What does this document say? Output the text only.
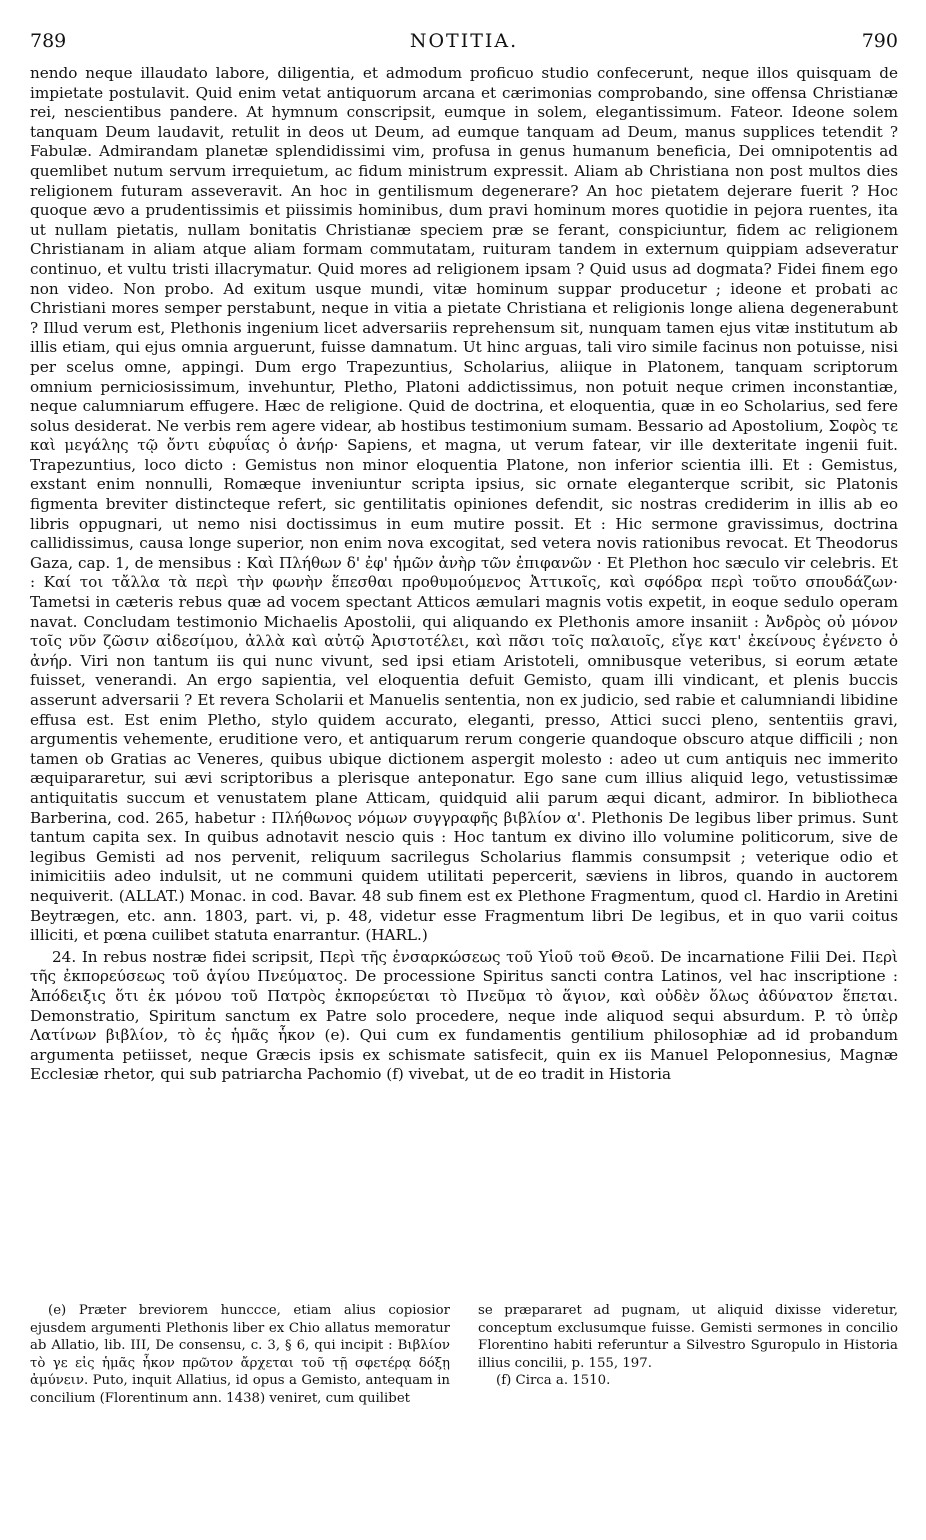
789	NOTITIA.	790

nendo neque illaudato labore, diligentia, et admodum proficuo studio confecerunt, neque illos quisquam de impietate postulavit. Quid enim vetat antiquorum arcana et cærimonias comprobando, sine offensa Christianæ rei, nescientibus pandere. At hymnum conscripsit, eumque in solem, elegantissimum. Fateor. Ideone solem tanquam Deum laudavit, retulit in deos ut Deum, ad eumque tanquam ad Deum, manus supplices tetendit ? Fabulæ. Admirandam planetæ splendidissimi vim, profusa in genus humanum beneficia, Dei omnipotentis ad quemlibet nutum servum irrequietum, ac fidum ministrum expressit. Aliam ab Christiana non post multos dies religionem futuram asseveravit. An hoc in gentilismum degenerare? An hoc pietatem dejerare fuerit ? Hoc quoque ævo a prudentissimis et piissimis hominibus, dum pravi hominum mores quotidie in pejora ruentes, ita ut nullam pietatis, nullam bonitatis Christianæ speciem præ se ferant, conspiciuntur, fidem ac religionem Christianam in aliam atque aliam formam commutatam, ruituram tandem in externum quippiam adseveratur continuo, et vultu tristi illacrymatur. Quid mores ad religionem ipsam ? Quid usus ad dogmata? Fidei finem ego non video. Non probo. Ad exitum usque mundi, vitæ hominum suppar producetur ; ideone et probati ac Christiani mores semper perstabunt, neque in vitia a pietate Christiana et religionis longe aliena degenerabunt ? Illud verum est, Plethonis ingenium licet adversariis reprehensum sit, nunquam tamen ejus vitæ institutum ab illis etiam, qui ejus omnia arguerunt, fuisse damnatum. Ut hinc arguas, tali viro similе facinus non potuisse, nisi per scelus omne, appingi. Dum ergo Trapezuntius, Scholarius, aliique in Platonem, tanquam scriptorum omnium perniciosissimum, invehuntur, Pletho, Platoni addictissimus, non potuit neque crimen inconstantiæ, neque calumniarum effugere. Hæc de religione. Quid de doctrina, et eloquentia, quæ in eo Scholarius, sed fere solus desiderat. Ne verbis rem agere videar, ab hostibus testimonium sumam. Bessario ad Apostolium, Σοφὸς τε καὶ μεγάλης τῷ ὄντι εὐφυΐας ὁ ἀνήρ· Sapiens, et magna, ut verum fatear, vir ille dexteritate ingenii fuit. Trapezuntius, loco dicto : Gemistus non minor eloquentia Platone, non inferior scientia illi. Et : Gemistus, exstant enim nonnulli, Romæque inveniuntur scripta ipsius, sic ornate eleganterque scribit, sic Platonis figmenta breviter distincteque refert, sic gentilitatis opiniones defendit, sic nostras crediderim in illis ab eo libris oppugnari, ut nemo nisi doctissimus in eum mutire possit. Et : Hic sermone gravissimus, doctrina callidissimus, causa longe superior, non enim nova excogitat, sed vetera novis rationibus revocat. Et Theodorus Gaza, cap. 1, de mensibus : Καὶ Πλήθων δ' ἐφ' ἡμῶν ἀνὴρ τῶν ἐπιφανῶν · Et Plethon hoc sæculo vir celebris. Et : Καί τοι τἄλλα τὰ περὶ τὴν φωνὴν ἕπεσθαι προθυμούμενος Ἀττικοῖς, καὶ σφόδρα περὶ τοῦτο σπουδάζων· Tametsi in cæteris rebus quæ ad vocem spectant Atticos æmulari magnis votis expetit, in eoque sedulo operam navat. Concludam testimonio Michaelis Apostolii, qui aliquando ex Plethonis amore insaniit : Ἀνδρὸς οὐ μόνον τοῖς νῦν ζῶσιν αἰδεσίμου, ἀλλὰ καὶ αὐτῷ Ἀριστοτέλει, καὶ πᾶσι τοῖς παλαιοῖς, εἴγε κατ' ἐκείνους ἐγένετο ὁ ἀνήρ. Viri non tantum iis qui nunc vivunt, sed ipsi etiam Aristoteli, omnibusque veteribus, si eorum ætate fuisset, venerandi. An ergo sapientia, vel eloquentia defuit Gemisto, quam illi vindicant, et plenis buccis asserunt adversarii ? Et revera Scholarii et Manuelis sententia, non ex judicio, sed rabie et calumniandi libidine effusa est. Est enim Pletho, stylo quidem accurato, eleganti, presso, Attici succi pleno, sententiis gravi, argumentis vehemente, eruditione vero, et antiquarum rerum congerie quandoque obscuro atque difficili ; non tamen ob Gratias ac Veneres, quibus ubique dictionem aspergit molesto : adeo ut cum antiquis nec immerito æquipararetur, sui ævi scriptoribus a plerisque anteponatur. Ego sane cum illius aliquid lego, vetustissimæ antiquitatis succum et venustatem plane Atticam, quidquid alii parum æqui dicant, admiror. In bibliotheca Barberina, cod. 265, habetur : Πλήθωνος νόμων συγγραφῆς βιβλίον α'. Plethonis De legibus liber primus. Sunt tantum capita sex. In quibus adnotavit nescio quis : Hoc tantum ex divino illo volumine politicorum, sive de legibus Gemisti ad nos pervenit, reliquum sacrilegus Scholarius flammis consumpsit ; veterique odio et inimicitiis adeo indulsit, ut ne communi quidem utilitati pepercerit, sæviens in libros, quando in auctorem nequiverit. (ALLAT.) Monac. in cod. Bavar. 48 sub finem est ex Plethone Fragmentum, quod cl. Hardio in Aretini Beytrægen, etc. ann. 1803, part. vi, p. 48, videtur esse Fragmentum libri De legibus, et in quo varii coitus illiciti, et pœna cuilibet statuta enarrantur. (HARL.)

24. In rebus nostræ fidei scripsit, Περὶ τῆς ἐνσαρκώσεως τοῦ Υἱοῦ τοῦ Θεοῦ. De incarnatione Filii Dei. Περὶ τῆς ἐκπορεύσεως τοῦ ἁγίου Πνεύματος. De processione Spiritus sancti contra Latinos, vel hac inscriptione : Ἀπόδειξις ὅτι ἐκ μόνου τοῦ Πατρὸς ἐκπορεύεται τὸ Πνεῦμα τὸ ἅγιον, καὶ οὐδὲν ὅλως ἀδύνατον ἕπεται. Demonstratio, Spiritum sanctum ex Patre solo procedere, neque inde aliquod sequi absurdum. P. τὸ ὑπὲρ Λατίνων βιβλίον, τὸ ἐς ἡμᾶς ἧκον (e). Qui cum ex fundamentis gentilium philosophiæ ad id probandum argumenta petiisset, neque Græcis ipsis ex schismate satisfecit, quin ex iis Manuel Peloponnesius, Magnæ Ecclesiæ rhetor, qui sub patriarcha Pachomio (f) vivebat, ut de eo tradit in Historia

(e) Præter breviorem hunccce, etiam alius copiosior ejusdem argumenti Plethonis liber ex Chio allatus memoratur ab Allatio, lib. III, De consensu, c. 3, § 6, qui incipit : Βιβλίον τὸ γε εἰς ἡμᾶς ἧκον πρῶτον ἄρχεται τοῦ τῇ σφετέρᾳ δόξῃ ἀμύνειν. Puto, inquit Allatius, id opus a Gemisto, antequam in concilium (Florentinum ann. 1438) veniret, cum quilibet

se præpararet ad pugnam, ut aliquid dixisse videretur, conceptum exclusumque fuisse. Gemisti sermones in concilio Florentino habiti referuntur a Silvestro Sguropulo in Historia illius concilii, p. 155, 197.

(f) Circa a. 1510.
